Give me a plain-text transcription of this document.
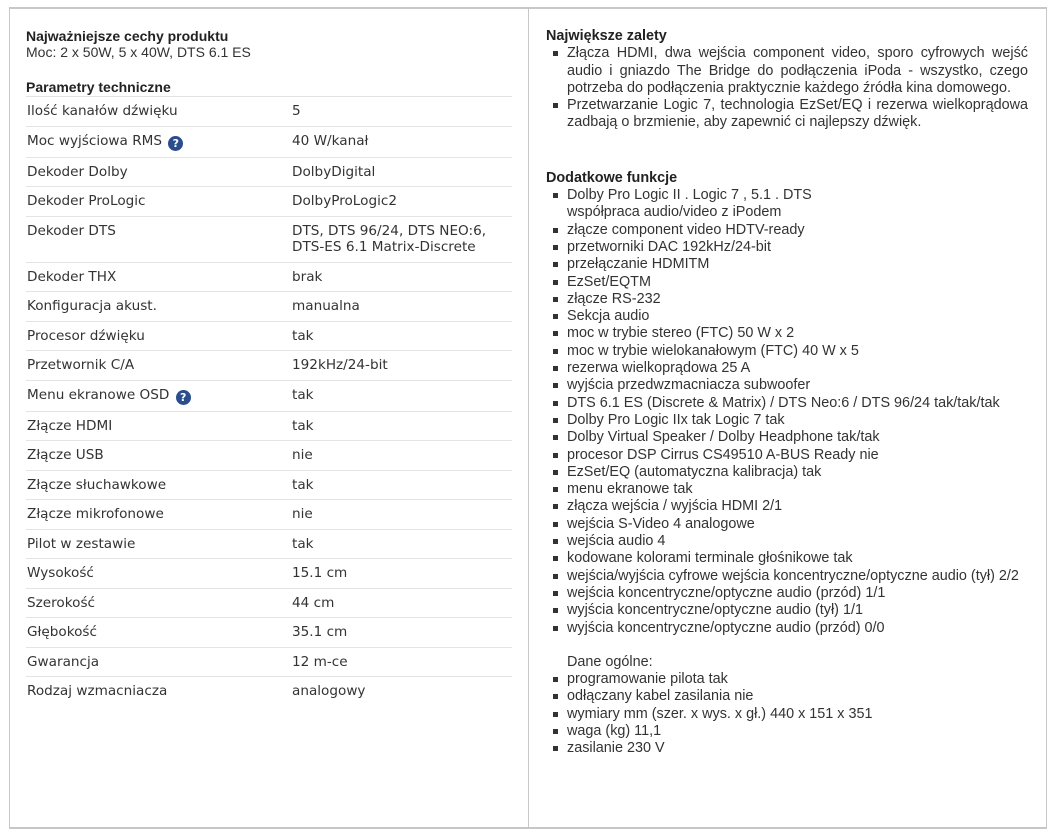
Najważniejsze cechy produktu
Moc: 2 x 50W, 5 x 40W, DTS 6.1 ES
Parametry techniczne
Ilość kanałów dźwięku	5
Moc wyjściowa RMS ?	40 W/kanał
Dekoder Dolby	DolbyDigital
Dekoder ProLogic	DolbyProLogic2
Dekoder DTS	DTS, DTS 96/24, DTS NEO:6, DTS-ES 6.1 Matrix-Discrete
Dekoder THX	brak
Konfiguracja akust.	manualna
Procesor dźwięku	tak
Przetwornik C/A	192kHz/24-bit
Menu ekranowe OSD ?	tak
Złącze HDMI	tak
Złącze USB	nie
Złącze słuchawkowe	tak
Złącze mikrofonowe	nie
Pilot w zestawie	tak
Wysokość	15.1 cm
Szerokość	44 cm
Głębokość	35.1 cm
Gwarancja	12 m-ce
Rodzaj wzmacniacza	analogowy
Największe zalety
Złącza HDMI, dwa wejścia component video, sporo cyfrowych wejść audio i gniazdo The Bridge do podłączenia iPoda - wszystko, czego potrzeba do podłączenia praktycznie każdego źródła kina domowego.
Przetwarzanie Logic 7, technologia EzSet/EQ i rezerwa wielkoprądowa zadbają o brzmienie, aby zapewnić ci najlepszy dźwięk.
Dodatkowe funkcje
Dolby Pro Logic II . Logic 7 , 5.1 . DTS
współpraca audio/video z iPodem
złącze component video HDTV-ready
przetworniki DAC 192kHz/24-bit
przełączanie HDMITM
EzSet/EQTM
złącze RS-232
Sekcja audio
moc w trybie stereo (FTC) 50 W x 2
moc w trybie wielokanałowym (FTC) 40 W x 5
rezerwa wielkoprądowa 25 A
wyjścia przedwzmacniacza subwoofer
DTS 6.1 ES (Discrete & Matrix) / DTS Neo:6 / DTS 96/24 tak/tak/tak
Dolby Pro Logic IIx tak Logic 7 tak
Dolby Virtual Speaker / Dolby Headphone tak/tak
procesor DSP Cirrus CS49510 A-BUS Ready nie
EzSet/EQ (automatyczna kalibracja) tak
menu ekranowe tak
złącza wejścia / wyjścia HDMI 2/1
wejścia S-Video 4 analogowe
wejścia audio 4
kodowane kolorami terminale głośnikowe tak
wejścia/wyjścia cyfrowe wejścia koncentryczne/optyczne audio (tył) 2/2
wejścia koncentryczne/optyczne audio (przód) 1/1
wyjścia koncentryczne/optyczne audio (tył) 1/1
wyjścia koncentryczne/optyczne audio (przód) 0/0
Dane ogólne:
programowanie pilota tak
odłączany kabel zasilania nie
wymiary mm (szer. x wys. x gł.) 440 x 151 x 351
waga (kg) 11,1
zasilanie 230 V
